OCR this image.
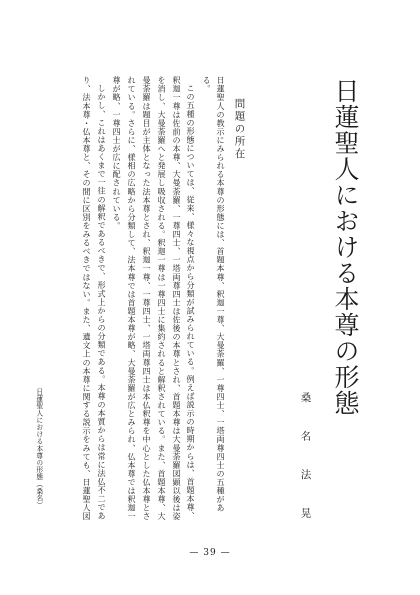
日蓮聖人における本尊の形態
桑名法晃
問題の所在
日蓮聖人の教示にみられる本尊の形態には、首題本尊、釈迦一尊、大曼荼羅、一尊四士、一塔両尊四士の五種があ
る。
この五種の形態については、従来、様々な視点から分類が試みられている。例えば説示の時期からは、首題本尊、
釈迦一尊は佐前の本尊、大曼荼羅、一尊四士、一塔両尊四士は佐後の本尊とされ、首題本尊は大曼荼羅図顕以後は姿
を消し、大曼荼羅へと発展し吸収される。釈迦一尊は一尊四士に集約されると解釈されている。また、首題本尊、大
曼荼羅は題目が主体となった法本尊とされ、釈迦一尊、一尊四士、一塔両尊四士は本仏釈尊を中心とした仏本尊とさ
れている。さらに、様相の広略から分類して、法本尊では首題本尊が略、大曼荼羅が広とみられ、仏本尊では釈迦一
尊が略、一尊四士が広に配されている。
しかし、これはあくまで一往の解釈であるべきで、形式上からの分類である。本尊の本質からは常に法仏不二であ
り、法本尊・仏本尊と、その間に区別をみるべきではない。また、遺文上の本尊に関する説示をみても、日蓮聖人図
日蓮聖人における本尊の形態（桑名）
— 39 —
